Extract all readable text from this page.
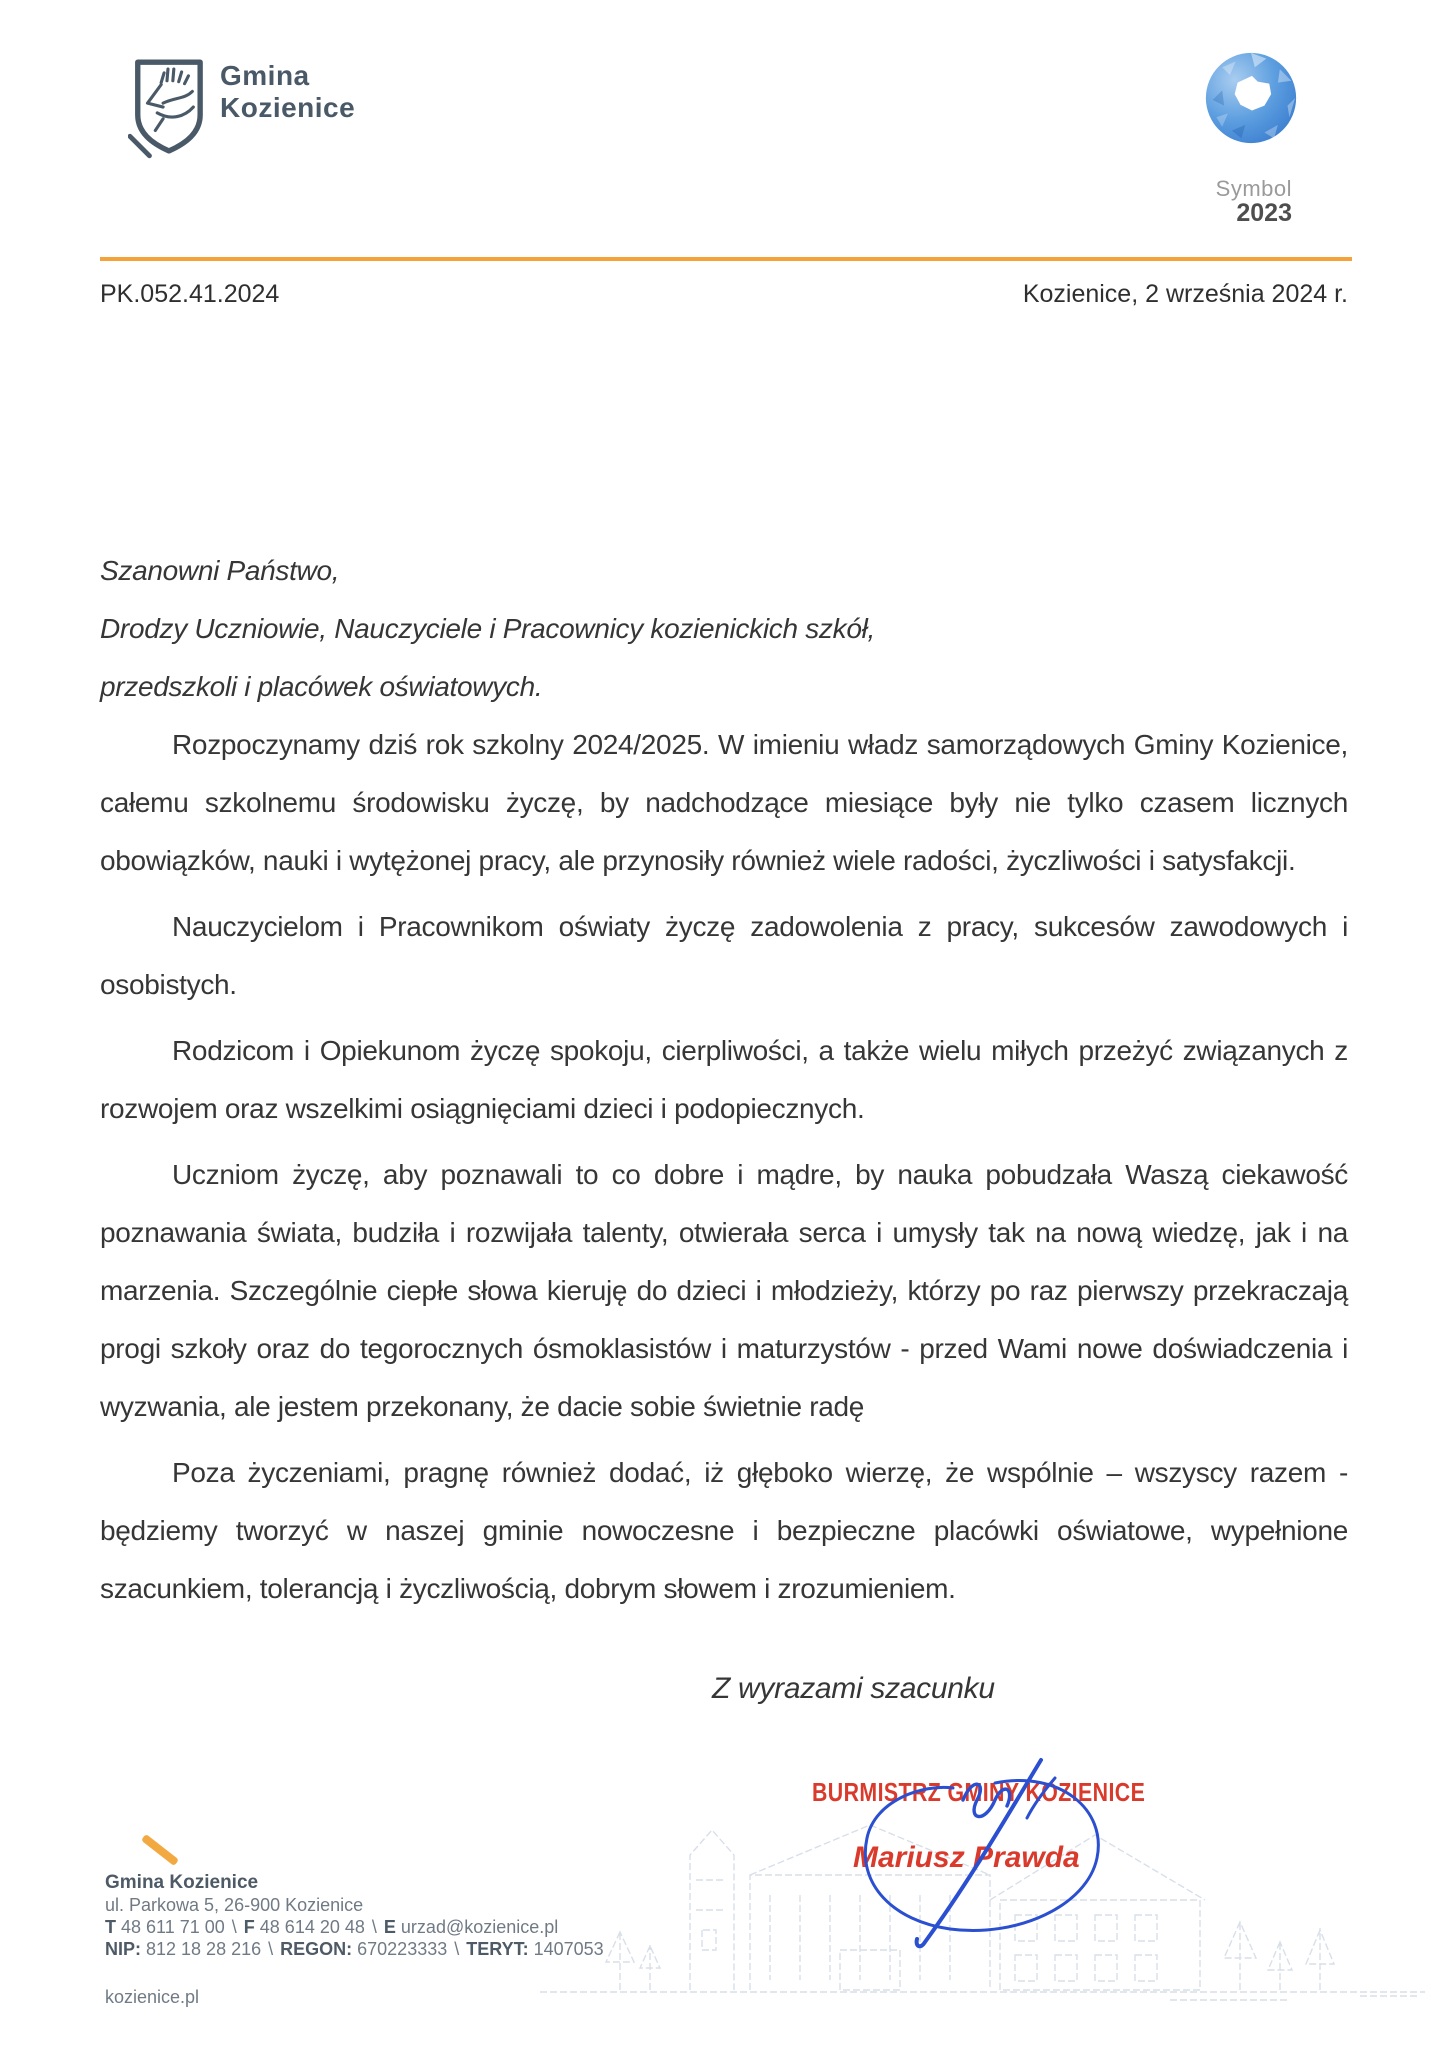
Gmina
Kozienice
Symbol
2023
PK.052.41.2024	Kozienice, 2 września 2024 r.
Szanowni Państwo,
Drodzy Uczniowie, Nauczyciele i Pracownicy kozienickich szkół,
przedszkoli i placówek oświatowych.

Rozpoczynamy dziś rok szkolny 2024/2025. W imieniu władz samorządowych Gminy Kozienice, całemu szkolnemu środowisku życzę, by nadchodzące miesiące były nie tylko czasem licznych obowiązków, nauki i wytężonej pracy, ale przynosiły również wiele radości, życzliwości i satysfakcji.

Nauczycielom i Pracownikom oświaty życzę zadowolenia z pracy, sukcesów zawodowych i osobistych.

Rodzicom i Opiekunom życzę spokoju, cierpliwości, a także wielu miłych przeżyć związanych z rozwojem oraz wszelkimi osiągnięciami dzieci i podopiecznych.

Uczniom życzę, aby poznawali to co dobre i mądre, by nauka pobudzała Waszą ciekawość poznawania świata, budziła i rozwijała talenty, otwierała serca i umysły tak na nową wiedzę, jak i na marzenia. Szczególnie ciepłe słowa kieruję do dzieci i młodzieży, którzy po raz pierwszy przekraczają progi szkoły oraz do tegorocznych ósmoklasistów i maturzystów - przed Wami nowe doświadczenia i wyzwania, ale jestem przekonany, że dacie sobie świetnie radę

Poza życzeniami, pragnę również dodać, iż głęboko wierzę, że wspólnie – wszyscy razem - będziemy tworzyć w naszej gminie nowoczesne i bezpieczne placówki oświatowe, wypełnione szacunkiem, tolerancją i życzliwością, dobrym słowem i zrozumieniem.

Z wyrazami szacunku
BURMISTRZ GMINY KOZIENICE
Mariusz Prawda
Gmina Kozienice
ul. Parkowa 5, 26-900 Kozienice
T 48 611 71 00 \ F 48 614 20 48 \ E urzad@kozienice.pl
NIP: 812 18 28 216 \ REGON: 670223333 \ TERYT: 1407053
kozienice.pl
